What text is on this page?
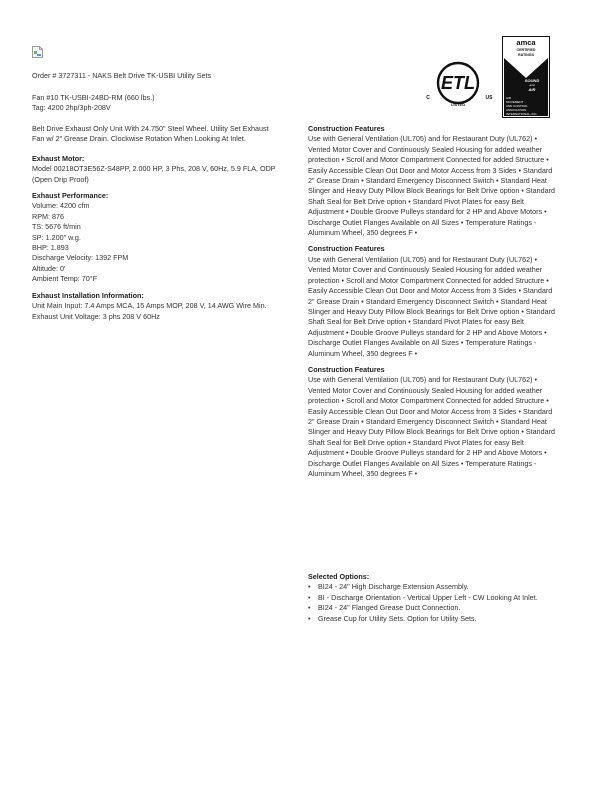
Order # 3727311 - NAKS Belt Drive TK-USBI Utility Sets
Fan #10 TK-USBI-24BD-RM (660 lbs.)
Tag: 4200 2hp/3ph-208V
ETL
C	US
LISTED
amca
CERTIFIED
RATINGS
SOUND
and
AIR
AIR
MOVEMENT
AND CONTROL
ASSOCIATION
INTERNATIONAL, INC.
Belt Drive Exhaust Only Unit With 24.750" Steel Wheel. Utility Set Exhaust Fan w/ 2" Grease Drain. Clockwise Rotation When Looking At Inlet.
Exhaust Motor:
Model 00218OT3E56Z-S48PP, 2.000 HP, 3 Phs, 208 V, 60Hz, 5.9 FLA, ODP (Open Drip Proof)
Exhaust Performance:
Volume: 4200 cfm
RPM: 876
TS: 5676 ft/min
SP: 1.200" w.g.
BHP: 1.893
Discharge Velocity: 1392 FPM
Altitude: 0'
Ambient Temp: 70°F
Exhaust Installation Information:
Unit Main Input: 7.4 Amps MCA, 15 Amps MOP, 208 V, 14 AWG Wire Min.
Exhaust Unit Voltage: 3 phs 208 V 60Hz
Construction Features
Use with General Ventilation (UL705) and for Restaurant Duty (UL762) • Vented Motor Cover and Continuously Sealed Housing for added weather protection • Scroll and Motor Compartment Connected for added Structure • Easily Accessible Clean Out Door and Motor Access from 3 Sides • Standard 2" Grease Drain • Standard Emergency Disconnect Switch • Standard Heat Slinger and Heavy Duty Pillow Block Bearings for Belt Drive option • Standard Shaft Seal for Belt Drive option • Standard Pivot Plates for easy Belt Adjustment • Double Groove Pulleys standard for 2 HP and Above Motors • Discharge Outlet Flanges Available on All Sizes • Temperature Ratings - Aluminum Wheel, 350 degrees F •
Construction Features
Use with General Ventilation (UL705) and for Restaurant Duty (UL762) • Vented Motor Cover and Continuously Sealed Housing for added weather protection • Scroll and Motor Compartment Connected for added Structure • Easily Accessible Clean Out Door and Motor Access from 3 Sides • Standard 2" Grease Drain • Standard Emergency Disconnect Switch • Standard Heat Slinger and Heavy Duty Pillow Block Bearings for Belt Drive option • Standard Shaft Seal for Belt Drive option • Standard Pivot Plates for easy Belt Adjustment • Double Groove Pulleys standard for 2 HP and Above Motors • Discharge Outlet Flanges Available on All Sizes • Temperature Ratings - Aluminum Wheel, 350 degrees F •
Construction Features
Use with General Ventilation (UL705) and for Restaurant Duty (UL762) • Vented Motor Cover and Continuously Sealed Housing for added weather protection • Scroll and Motor Compartment Connected for added Structure • Easily Accessible Clean Out Door and Motor Access from 3 Sides • Standard 2" Grease Drain • Standard Emergency Disconnect Switch • Standard Heat Slinger and Heavy Duty Pillow Block Bearings for Belt Drive option • Standard Shaft Seal for Belt Drive option • Standard Pivot Plates for easy Belt Adjustment • Double Groove Pulleys standard for 2 HP and Above Motors • Discharge Outlet Flanges Available on All Sizes • Temperature Ratings - Aluminum Wheel, 350 degrees F •
Selected Options:
• BI24 - 24" High Discharge Extension Assembly.
• BI - Discharge Orientation - Vertical Upper Left - CW Looking At Inlet.
• BI24 - 24" Flanged Grease Duct Connection.
• Grease Cup for Utility Sets. Option for Utility Sets.
